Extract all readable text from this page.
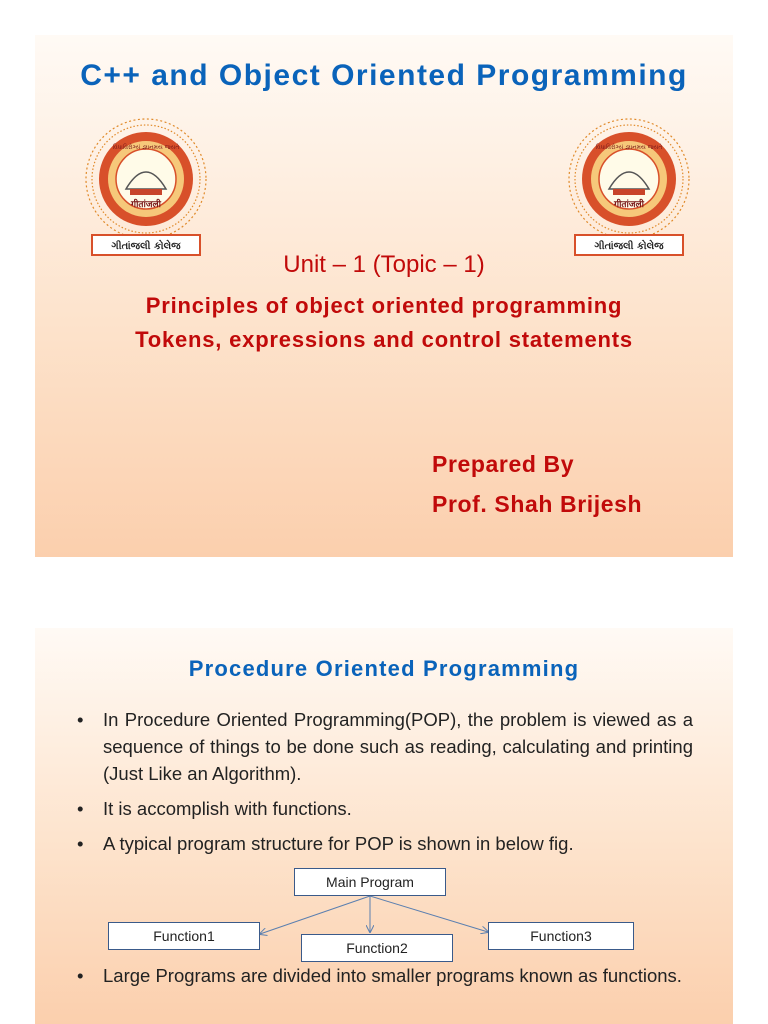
C++ and Object Oriented Programming
વિધાવિરોગ્યં જ્ઞાનમય જયતે
गीतांजली
ગીતાંજલી કોલેજ
વિધાવિરોગ્યં જ્ઞાનમય જયતે
गीतांजली
ગીતાંજલી કોલેજ

Unit – 1 (Topic – 1)

Principles of object oriented programming

Tokens, expressions and control statements

Prepared By

Prof. Shah Brijesh

Procedure Oriented Programming
• In Procedure Oriented Programming(POP), the problem is viewed as a sequence of things to be done such as reading, calculating and printing (Just Like an Algorithm).
• It is accomplish with functions.
• A typical program structure for POP is shown in below fig.
Main Program
Function1
Function2
Function3
• Large Programs are divided into smaller programs known as functions.
